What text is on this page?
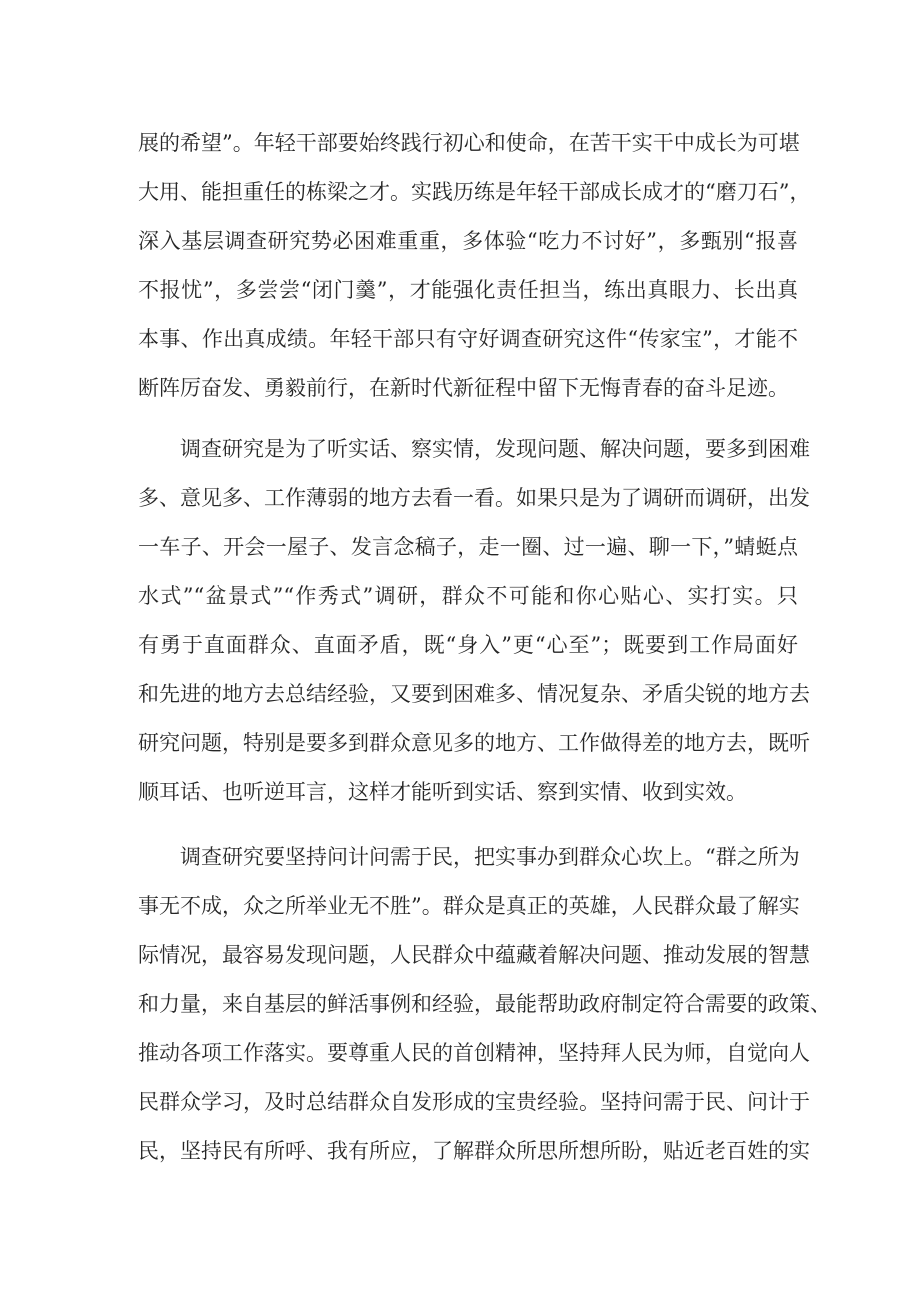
展的希望”。年轻干部要始终践行初心和使命，在苦干实干中成长为可堪
大用、能担重任的栋梁之才。实践历练是年轻干部成长成才的“磨刀石”，
深入基层调查研究势必困难重重，多体验“吃力不讨好”，多甄别“报喜
不报忧”，多尝尝“闭门羹”，才能强化责任担当，练出真眼力、长出真
本事、作出真成绩。年轻干部只有守好调查研究这件“传家宝”，才能不
断阵厉奋发、勇毅前行，在新时代新征程中留下无悔青春的奋斗足迹。
调查研究是为了听实话、察实情，发现问题、解决问题，要多到困难
多、意见多、工作薄弱的地方去看一看。如果只是为了调研而调研，出发
一车子、开会一屋子、发言念稿子，走一圈、过一遍、聊一下，”蜻蜓点
水式”“盆景式”“作秀式”调研，群众不可能和你心贴心、实打实。只
有勇于直面群众、直面矛盾，既“身入”更“心至”；既要到工作局面好
和先进的地方去总结经验，又要到困难多、情况复杂、矛盾尖锐的地方去
研究问题，特别是要多到群众意见多的地方、工作做得差的地方去，既听
顺耳话、也听逆耳言，这样才能听到实话、察到实情、收到实效。
调查研究要坚持问计问需于民，把实事办到群众心坎上。“群之所为
事无不成，众之所举业无不胜”。群众是真正的英雄，人民群众最了解实
际情况，最容易发现问题，人民群众中蕴藏着解决问题、推动发展的智慧
和力量，来自基层的鲜活事例和经验，最能帮助政府制定符合需要的政策、
推动各项工作落实。要尊重人民的首创精神，坚持拜人民为师，自觉向人
民群众学习，及时总结群众自发形成的宝贵经验。坚持问需于民、问计于
民，坚持民有所呼、我有所应，了解群众所思所想所盼，贴近老百姓的实
